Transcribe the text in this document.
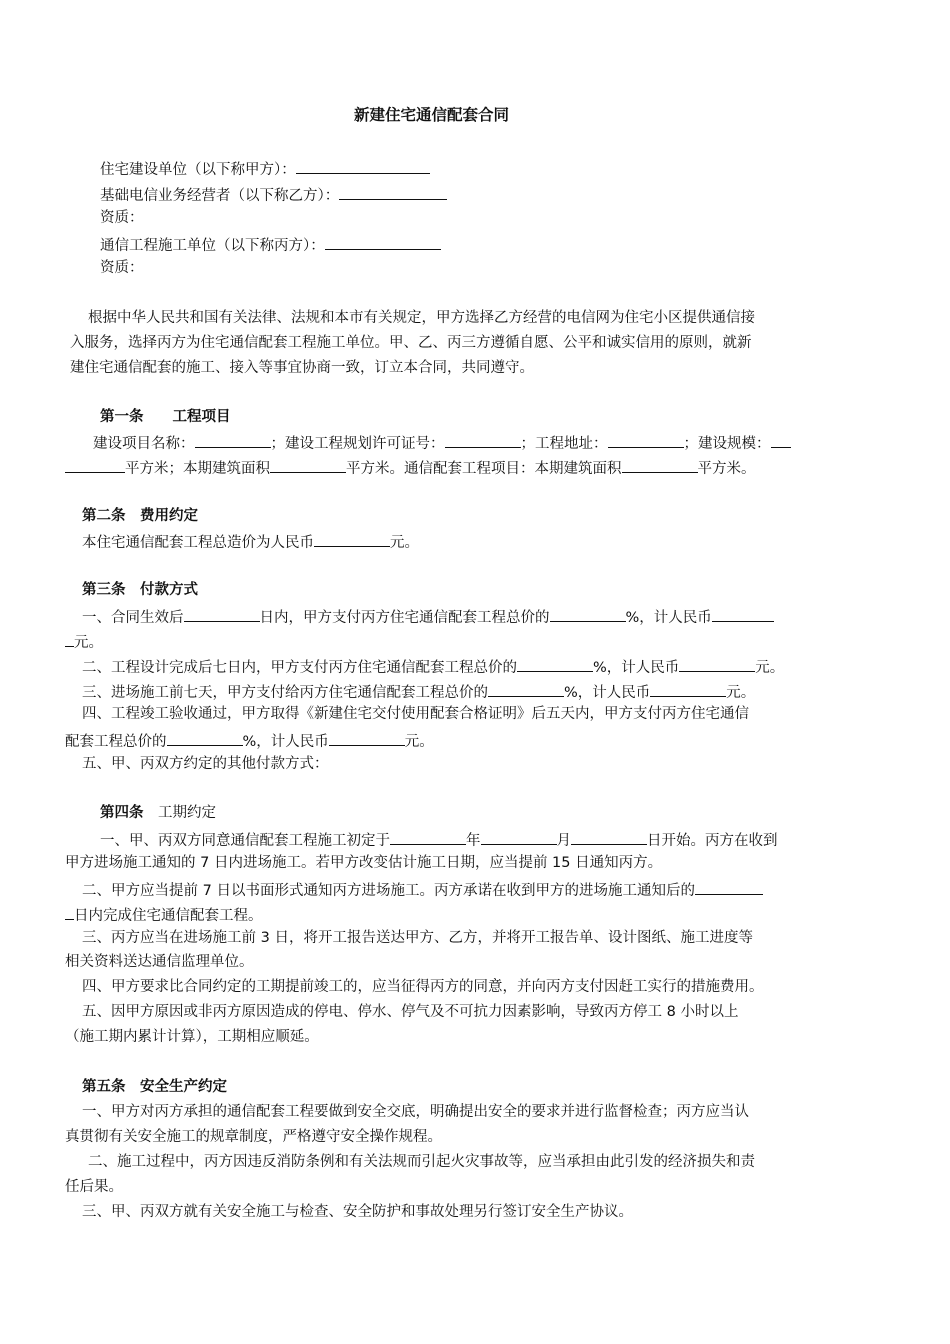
新建住宅通信配套合同
住宅建设单位（以下称甲方）：
基础电信业务经营者（以下称乙方）：
资质：
通信工程施工单位（以下称丙方）：
资质：
根据中华人民共和国有关法律、法规和本市有关规定，甲方选择乙方经营的电信网为住宅小区提供通信接
入服务，选择丙方为住宅通信配套工程施工单位。甲、乙、丙三方遵循自愿、公平和诚实信用的原则，就新
建住宅通信配套的施工、接入等事宜协商一致，订立本合同，共同遵守。
第一条　　工程项目
建设项目名称：	；建设工程规划许可证号：	；工程地址：	；建设规模：
平方米；本期建筑面积	平方米。通信配套工程项目：本期建筑面积	平方米。
第二条　费用约定
本住宅通信配套工程总造价为人民币	元。
第三条　付款方式
一、合同生效后	日内，甲方支付丙方住宅通信配套工程总价的	%，计人民币
元。
二、工程设计完成后七日内，甲方支付丙方住宅通信配套工程总价的	%，计人民币	元。
三、进场施工前七天，甲方支付给丙方住宅通信配套工程总价的	%，计人民币	元。
四、工程竣工验收通过，甲方取得《新建住宅交付使用配套合格证明》后五天内，甲方支付丙方住宅通信
配套工程总价的	%，计人民币	元。
五、甲、丙双方约定的其他付款方式：
第四条　工期约定
一、甲、丙双方同意通信配套工程施工初定于	年	月	日开始。丙方在收到
甲方进场施工通知的 7 日内进场施工。若甲方改变估计施工日期，应当提前 15 日通知丙方。
二、甲方应当提前 7 日以书面形式通知丙方进场施工。丙方承诺在收到甲方的进场施工通知后的
日内完成住宅通信配套工程。
三、丙方应当在进场施工前 3 日，将开工报告送达甲方、乙方，并将开工报告单、设计图纸、施工进度等
相关资料送达通信监理单位。
四、甲方要求比合同约定的工期提前竣工的，应当征得丙方的同意，并向丙方支付因赶工实行的措施费用。
五、因甲方原因或非丙方原因造成的停电、停水、停气及不可抗力因素影响，导致丙方停工 8 小时以上
（施工期内累计计算），工期相应顺延。
第五条　安全生产约定
一、甲方对丙方承担的通信配套工程要做到安全交底，明确提出安全的要求并进行监督检查；丙方应当认
真贯彻有关安全施工的规章制度，严格遵守安全操作规程。
二、施工过程中，丙方因违反消防条例和有关法规而引起火灾事故等，应当承担由此引发的经济损失和责
任后果。
三、甲、丙双方就有关安全施工与检查、安全防护和事故处理另行签订安全生产协议。
